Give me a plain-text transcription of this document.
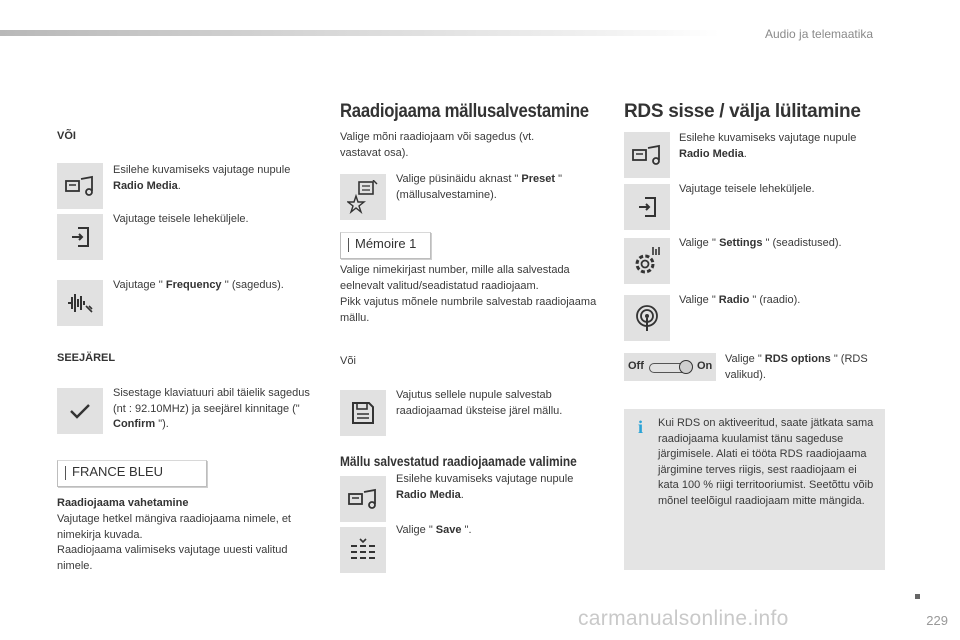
Audio ja telemaatika
VÕI
Esilehe kuvamiseks vajutage nupule Radio Media.
Vajutage teisele leheküljele.
Vajutage '' Frequency '' (sagedus).
SEEJÄREL
Sisestage klaviatuuri abil täielik sagedus (nt : 92.10MHz) ja seejärel kinnitage (" Confirm ").
FRANCE BLEU
Raadiojaama vahetamine
Vajutage hetkel mängiva raadiojaama nimele, et nimekirja kuvada.
Raadiojaama valimiseks vajutage uuesti valitud nimele.
Raadiojaama mällusalvestamine
Valige mõni raadiojaam või sagedus (vt. vastavat osa).
Valige püsinäidu aknast " Preset " (mällusalvestamine).
Mémoire 1
Valige nimekirjast number, mille alla salvestada eelnevalt valitud/seadistatud raadiojaam.
Pikk vajutus mõnele numbrile salvestab raadiojaama mällu.
Või
Vajutus sellele nupule salvestab raadiojaamad üksteise järel mällu.
Mällu salvestatud raadiojaamade valimine
Esilehe kuvamiseks vajutage nupule Radio Media.
Valige " Save ".
RDS sisse / välja lülitamine
Esilehe kuvamiseks vajutage nupule Radio Media.
Vajutage teisele leheküljele.
Valige '' Settings " (seadistused).
Valige " Radio " (raadio).
Off	On
Valige " RDS options " (RDS valikud).
i Kui RDS on aktiveeritud, saate jätkata sama raadiojaama kuulamist tänu sageduse järgimisele. Alati ei tööta RDS raadiojaama järgimine terves riigis, sest raadiojaam ei kata 100 % riigi territooriumist. Seetõttu võib mõnel teelõigul raadiojaam mitte mängida.
carmanualsonline.info	229
